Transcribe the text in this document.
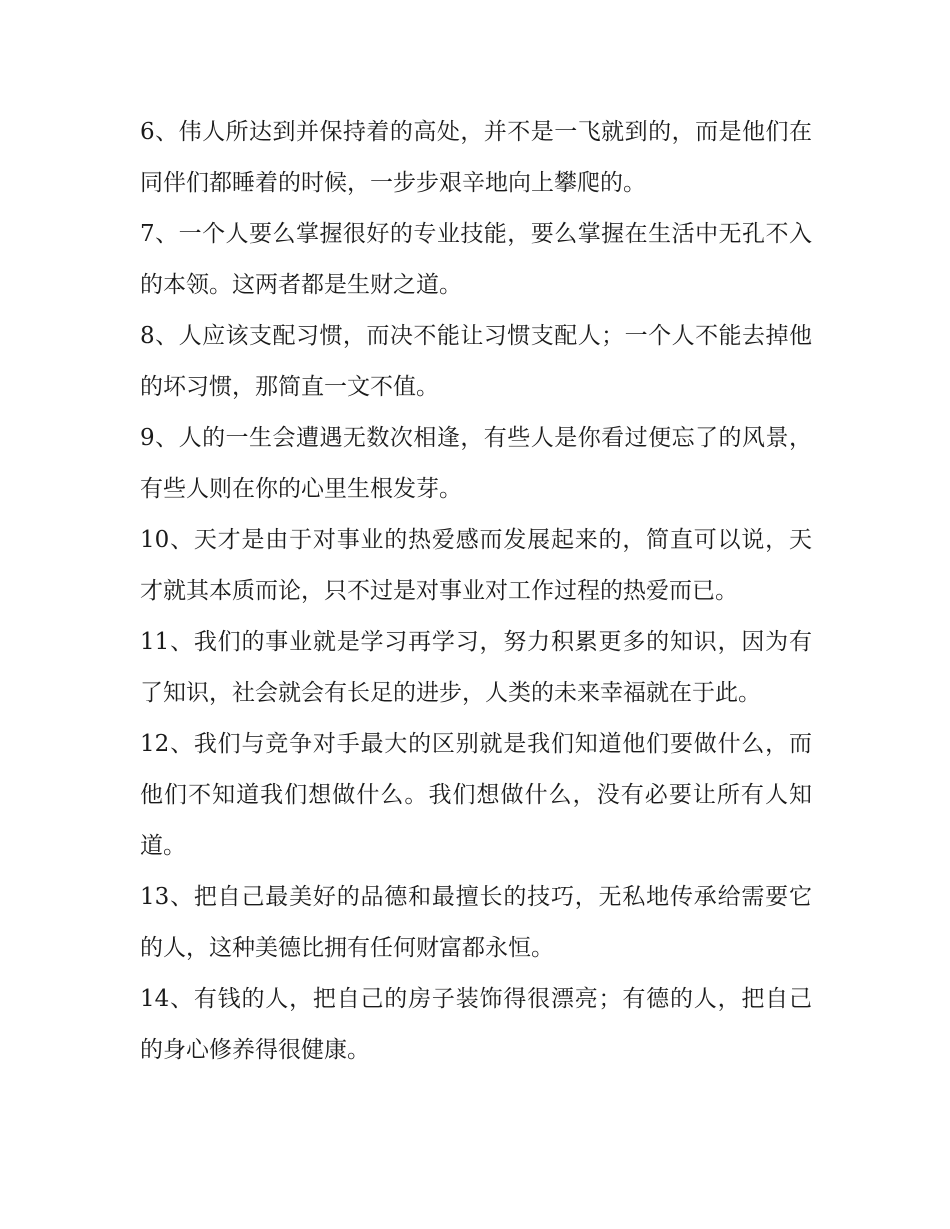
6、伟人所达到并保持着的高处，并不是一飞就到的，而是他们在同伴们都睡着的时候，一步步艰辛地向上攀爬的。

7、一个人要么掌握很好的专业技能，要么掌握在生活中无孔不入的本领。这两者都是生财之道。

8、人应该支配习惯，而决不能让习惯支配人；一个人不能去掉他的坏习惯，那简直一文不值。

9、人的一生会遭遇无数次相逢，有些人是你看过便忘了的风景，有些人则在你的心里生根发芽。

10、天才是由于对事业的热爱感而发展起来的，简直可以说，天才就其本质而论，只不过是对事业对工作过程的热爱而已。

11、我们的事业就是学习再学习，努力积累更多的知识，因为有了知识，社会就会有长足的进步，人类的未来幸福就在于此。

12、我们与竞争对手最大的区别就是我们知道他们要做什么，而他们不知道我们想做什么。我们想做什么，没有必要让所有人知道。

13、把自己最美好的品德和最擅长的技巧，无私地传承给需要它的人，这种美德比拥有任何财富都永恒。

14、有钱的人，把自己的房子装饰得很漂亮；有德的人，把自己的身心修养得很健康。
